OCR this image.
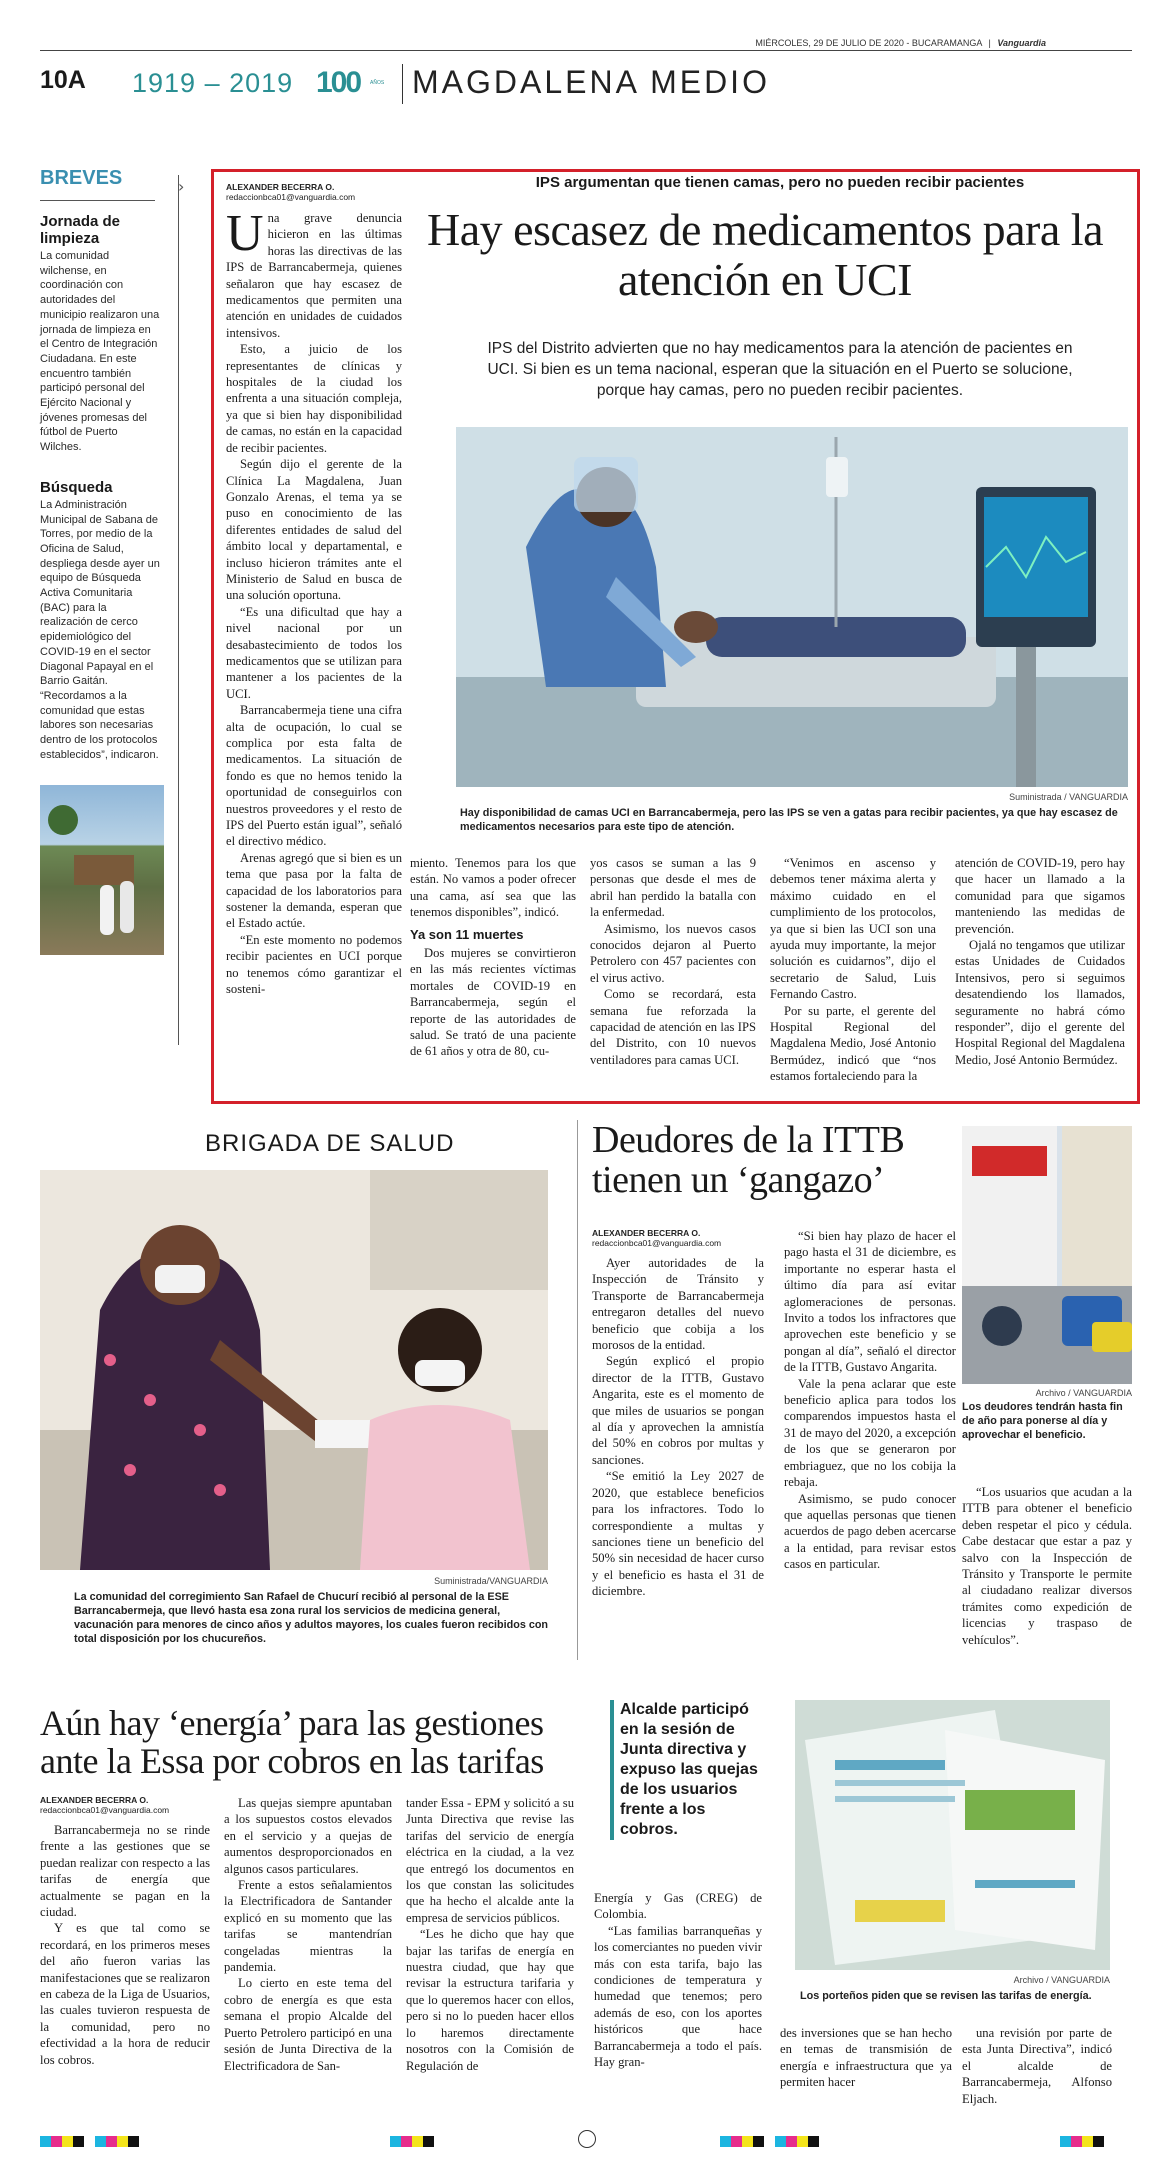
MIÉRCOLES, 29 DE JULIO DE 2020 - BUCARAMANGA | Vanguardia
10A 1919 – 2019 100 AÑOS MAGDALENA MEDIO
BREVES
Jornada de limpieza
La comunidad wilchense, en coordinación con autoridades del municipio realizaron una jornada de limpieza en el Centro de Integración Ciudadana. En este encuentro también participó personal del Ejército Nacional y jóvenes promesas del fútbol de Puerto Wilches.
Búsqueda
La Administración Municipal de Sabana de Torres, por medio de la Oficina de Salud, despliega desde ayer un equipo de Búsqueda Activa Comunitaria (BAC) para la realización de cerco epidemiológico del COVID-19 en el sector Diagonal Papayal en el Barrio Gaitán. “Recordamos a la comunidad que estas labores son necesarias dentro de los protocolos establecidos”, indicaron.
›	IPS argumentan que tienen camas, pero no pueden recibir pacientes
ALEXANDER BECERRA O.
redaccionbca01@vanguardia.com
Hay escasez de medicamentos para la atención en UCI
IPS del Distrito advierten que no hay medicamentos para la atención de pacientes en UCI. Si bien es un tema nacional, esperan que la situación en el Puerto se solucione, porque hay camas, pero no pueden recibir pacientes.
Suministrada / VANGUARDIA
Hay disponibilidad de camas UCI en Barrancabermeja, pero las IPS se ven a gatas para recibir pacientes, ya que hay escasez de medicamentos necesarios para este tipo de atención.

Una grave denuncia hicieron en las últimas horas las directivas de las IPS de Barrancabermeja, quienes señalaron que hay escasez de medicamentos que permiten una atención en unidades de cuidados intensivos.

Esto, a juicio de los representantes de clínicas y hospitales de la ciudad los enfrenta a una situación compleja, ya que si bien hay disponibilidad de camas, no están en la capacidad de recibir pacientes.

Según dijo el gerente de la Clínica La Magdalena, Juan Gonzalo Arenas, el tema ya se puso en conocimiento de las diferentes entidades de salud del ámbito local y departamental, e incluso hicieron trámites ante el Ministerio de Salud en busca de una solución oportuna.

“Es una dificultad que hay a nivel nacional por un desabastecimiento de todos los medicamentos que se utilizan para mantener a los pacientes de la UCI.

Barrancabermeja tiene una cifra alta de ocupación, lo cual se complica por esta falta de medicamentos. La situación de fondo es que no hemos tenido la oportunidad de conseguirlos con nuestros proveedores y el resto de IPS del Puerto están igual”, señaló el directivo médico.

Arenas agregó que si bien es un tema que pasa por la falta de capacidad de los laboratorios para sostener la demanda, esperan que el Estado actúe.

“En este momento no podemos recibir pacientes en UCI porque no tenemos cómo garantizar el sosteni-

miento. Tenemos para los que están. No vamos a poder ofrecer una cama, así sea que las tenemos disponibles”, indicó.

Ya son 11 muertes

Dos mujeres se convirtieron en las más recientes víctimas mortales de COVID-19 en Barrancabermeja, según el reporte de las autoridades de salud. Se trató de una paciente de 61 años y otra de 80, cu-

yos casos se suman a las 9 personas que desde el mes de abril han perdido la batalla con la enfermedad.

Asimismo, los nuevos casos conocidos dejaron al Puerto Petrolero con 457 pacientes con el virus activo.

Como se recordará, esta semana fue reforzada la capacidad de atención en las IPS del Distrito, con 10 nuevos ventiladores para camas UCI.

“Venimos en ascenso y debemos tener máxima alerta y máximo cuidado en el cumplimiento de los protocolos, ya que si bien las UCI son una ayuda muy importante, la mejor solución es cuidarnos”, dijo el secretario de Salud, Luis Fernando Castro.

Por su parte, el gerente del Hospital Regional del Magdalena Medio, José Antonio Bermúdez, indicó que “nos estamos fortaleciendo para la

atención de COVID-19, pero hay que hacer un llamado a la comunidad para que sigamos manteniendo las medidas de prevención.

Ojalá no tengamos que utilizar estas Unidades de Cuidados Intensivos, pero si seguimos desatendiendo los llamados, seguramente no habrá cómo responder”, dijo el gerente del Hospital Regional del Magdalena Medio, José Antonio Bermúdez.

BRIGADA DE SALUD
Suministrada/VANGUARDIA
La comunidad del corregimiento San Rafael de Chucurí recibió al personal de la ESE Barrancabermeja, que llevó hasta esa zona rural los servicios de medicina general, vacunación para menores de cinco años y adultos mayores, los cuales fueron recibidos con total disposición por los chucureños.
Deudores de la ITTB tienen un ‘gangazo’
ALEXANDER BECERRA O.
redaccionbca01@vanguardia.com

Ayer autoridades de la Inspección de Tránsito y Transporte de Barrancabermeja entregaron detalles del nuevo beneficio que cobija a los morosos de la entidad.

Según explicó el propio director de la ITTB, Gustavo Angarita, este es el momento de que miles de usuarios se pongan al día y aprovechen la amnistía del 50% en cobros por multas y sanciones.

“Se emitió la Ley 2027 de 2020, que establece beneficios para los infractores. Todo lo correspondiente a multas y sanciones tiene un beneficio del 50% sin necesidad de hacer curso y el beneficio es hasta el 31 de diciembre.

“Si bien hay plazo de hacer el pago hasta el 31 de diciembre, es importante no esperar hasta el último día para así evitar aglomeraciones de personas. Invito a todos los infractores que aprovechen este beneficio y se pongan al día”, señaló el director de la ITTB, Gustavo Angarita.

Vale la pena aclarar que este beneficio aplica para todos los comparendos impuestos hasta el 31 de mayo del 2020, a excepción de los que se generaron por embriaguez, que no los cobija la rebaja.

Asimismo, se pudo conocer que aquellas personas que tienen acuerdos de pago deben acercarse a la entidad, para revisar estos casos en particular.

Archivo / VANGUARDIA
Los deudores tendrán hasta fin de año para ponerse al día y aprovechar el beneficio.

“Los usuarios que acudan a la ITTB para obtener el beneficio deben respetar el pico y cédula. Cabe destacar que estar a paz y salvo con la Inspección de Tránsito y Transporte le permite al ciudadano realizar diversos trámites como expedición de licencias y traspaso de vehículos”.

Aún hay ‘energía’ para las gestiones ante la Essa por cobros en las tarifas
ALEXANDER BECERRA O.
redaccionbca01@vanguardia.com

Barrancabermeja no se rinde frente a las gestiones que se puedan realizar con respecto a las tarifas de energía que actualmente se pagan en la ciudad.

Y es que tal como se recordará, en los primeros meses del año fueron varias las manifestaciones que se realizaron en cabeza de la Liga de Usuarios, las cuales tuvieron respuesta de la comunidad, pero no efectividad a la hora de reducir los cobros.

Las quejas siempre apuntaban a los supuestos costos elevados en el servicio y a quejas de aumentos desproporcionados en algunos casos particulares.

Frente a estos señalamientos la Electrificadora de Santander explicó en su momento que las tarifas se mantendrían congeladas mientras la pandemia.

Lo cierto en este tema del cobro de energía es que esta semana el propio Alcalde del Puerto Petrolero participó en una sesión de Junta Directiva de la Electrificadora de San-

tander Essa - EPM y solicitó a su Junta Directiva que revise las tarifas del servicio de energía eléctrica en la ciudad, a la vez que entregó los documentos en los que constan las solicitudes que ha hecho el alcalde ante la empresa de servicios públicos.

“Les he dicho que hay que bajar las tarifas de energía en nuestra ciudad, que hay que revisar la estructura tarifaria y que lo queremos hacer con ellos, pero si no lo pueden hacer ellos lo haremos directamente nosotros con la Comisión de Regulación de

Alcalde participó en la sesión de Junta directiva y expuso las quejas de los usuarios frente a los cobros.

Energía y Gas (CREG) de Colombia.

“Las familias barranqueñas y los comerciantes no pueden vivir más con esta tarifa, bajo las condiciones de temperatura y humedad que tenemos; pero además de eso, con los aportes históricos que hace Barrancabermeja a todo el país. Hay gran-

Archivo / VANGUARDIA
Los porteños piden que se revisen las tarifas de energía.

des inversiones que se han hecho en temas de transmisión de energía e infraestructura que ya permiten hacer

una revisión por parte de esta Junta Directiva”, indicó el alcalde de Barrancabermeja, Alfonso Eljach.
